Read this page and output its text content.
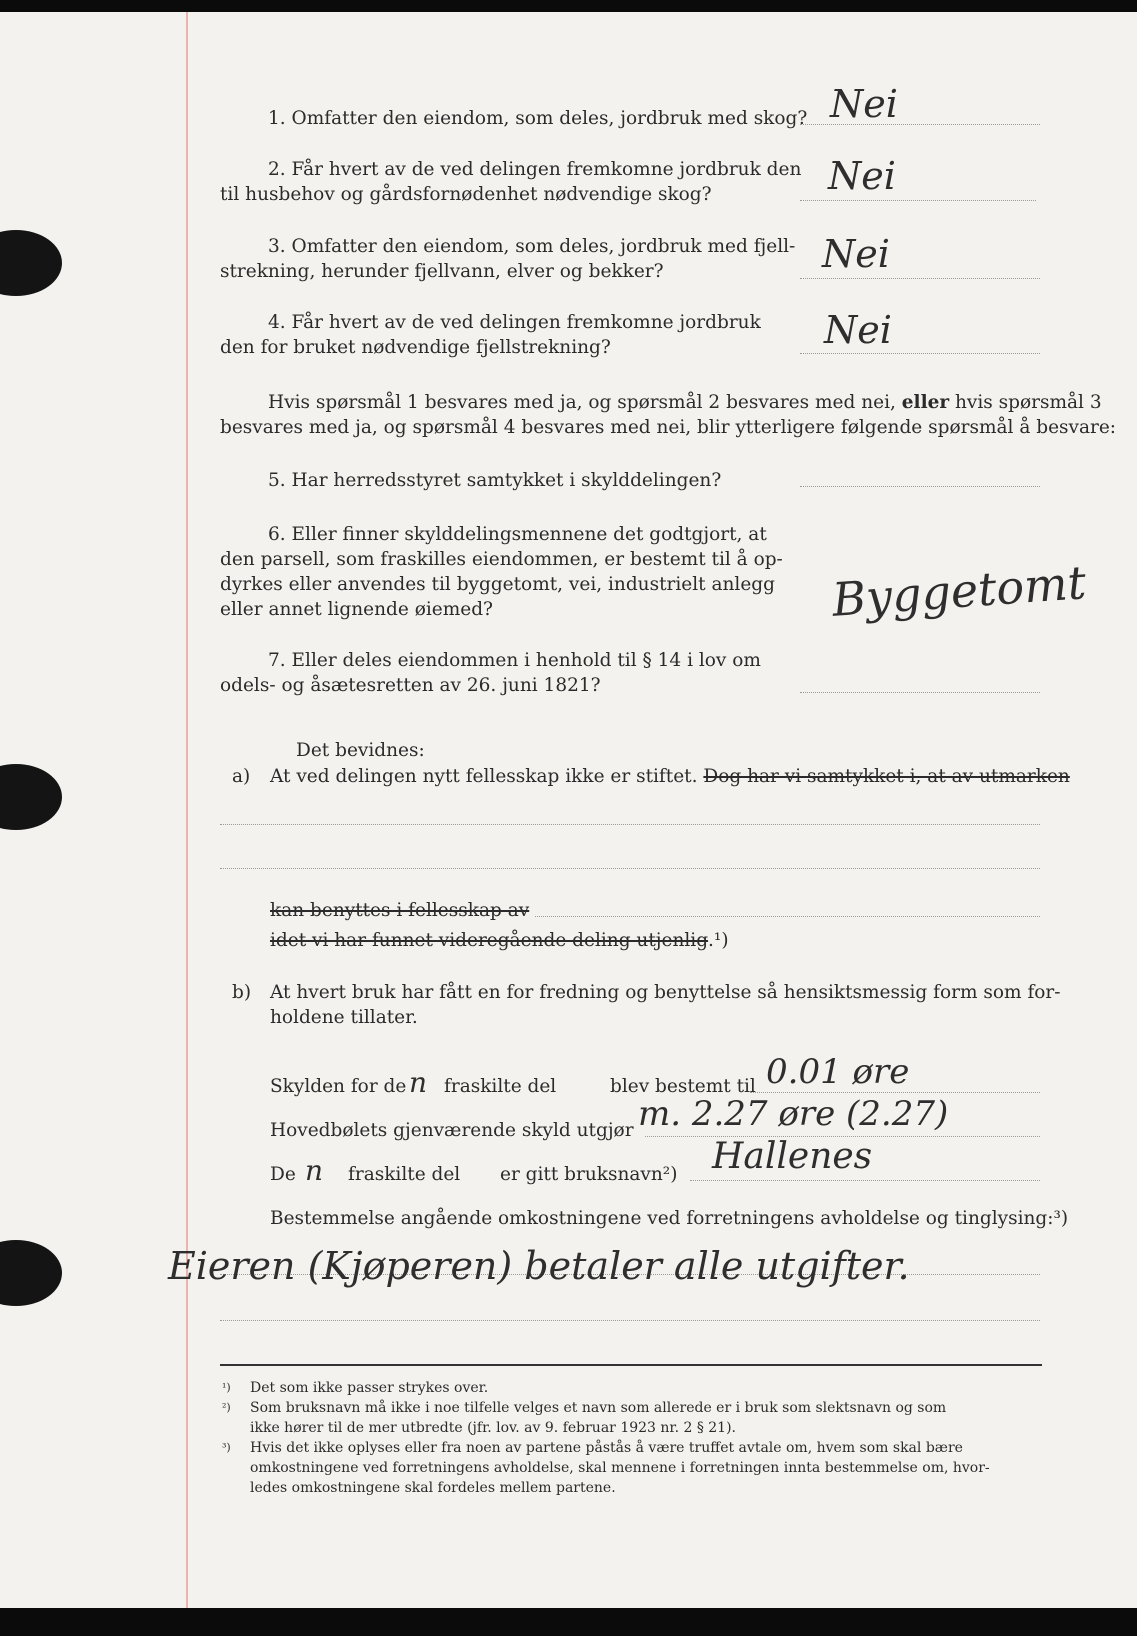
1. Omfatter den eiendom, som deles, jordbruk med skog? Nei
2. Får hvert av de ved delingen fremkomne jordbruk den
til husbehov og gårdsfornødenhet nødvendige skog?	Nei
3. Omfatter den eiendom, som deles, jordbruk med fjell-
strekning, herunder fjellvann, elver og bekker?	Nei
4. Får hvert av de ved delingen fremkomne jordbruk
den for bruket nødvendige fjellstrekning?	Nei
Hvis spørsmål 1 besvares med ja, og spørsmål 2 besvares med nei, eller hvis spørsmål 3
besvares med ja, og spørsmål 4 besvares med nei, blir ytterligere følgende spørsmål å besvare:
5. Har herredsstyret samtykket i skylddelingen?
6. Eller finner skylddelingsmennene det godtgjort, at
den parsell, som fraskilles eiendommen, er bestemt til å op-
dyrkes eller anvendes til byggetomt, vei, industrielt anlegg
eller annet lignende øiemed?	Byggetomt
7. Eller deles eiendommen i henhold til § 14 i lov om
odels- og åsætesretten av 26. juni 1821?
Det bevidnes:
a) At ved delingen nytt fellesskap ikke er stiftet. Dog har vi samtykket i, at av utmarken
kan benyttes i fellesskap av
idet vi har funnet videregående deling utjenlig.¹)
b) At hvert bruk har fått en for fredning og benyttelse så hensiktsmessig form som for-
holdene tillater.
Skylden for de n fraskilte del	blev bestemt til 0.01 øre
Hovedbølets gjenværende skyld utgjør m. 2.27 øre (2.27)
De n fraskilte del er gitt bruksnavn²) Hallenes
Bestemmelse angående omkostningene ved forretningens avholdelse og tinglysing:³)
Eieren (Kjøperen) betaler alle utgifter.
¹) Det som ikke passer strykes over.
²) Som bruksnavn må ikke i noe tilfelle velges et navn som allerede er i bruk som slektsnavn og som
ikke hører til de mer utbredte (jfr. lov. av 9. februar 1923 nr. 2 § 21).
³) Hvis det ikke oplyses eller fra noen av partene påstås å være truffet avtale om, hvem som skal bære
omkostningene ved forretningens avholdelse, skal mennene i forretningen innta bestemmelse om, hvor-
ledes omkostningene skal fordeles mellem partene.
